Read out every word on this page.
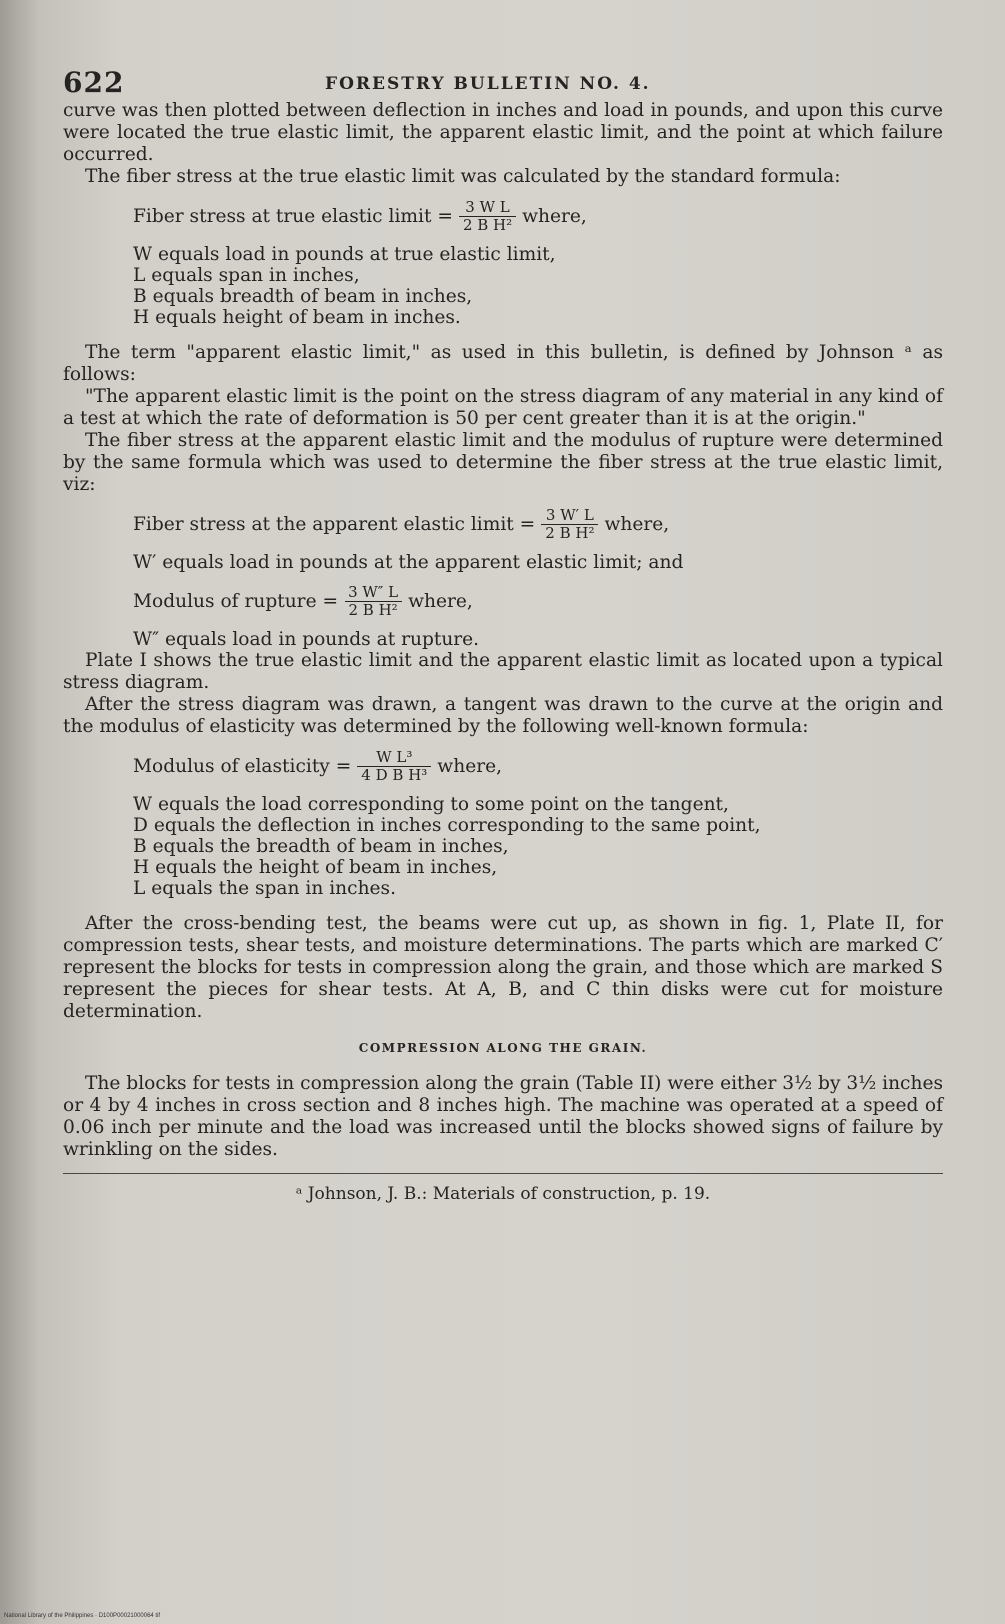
622	FORESTRY BULLETIN NO. 4.

curve was then plotted between deflection in inches and load in pounds, and upon this curve were located the true elastic limit, the apparent elastic limit, and the point at which failure occurred.

The fiber stress at the true elastic limit was calculated by the standard formula:

Fiber stress at true elastic limit = $\frac{\text{3 W L}}{\text{2 B H²}}$ where,

W equals load in pounds at true elastic limit,

L equals span in inches,

B equals breadth of beam in inches,

H equals height of beam in inches.

The term "apparent elastic limit," as used in this bulletin, is defined by Johnson ᵃ as follows:

"The apparent elastic limit is the point on the stress diagram of any material in any kind of a test at which the rate of deformation is 50 per cent greater than it is at the origin."

The fiber stress at the apparent elastic limit and the modulus of rupture were determined by the same formula which was used to determine the fiber stress at the true elastic limit, viz:

Fiber stress at the apparent elastic limit = $\frac{3 W' L}{\text{2 B H²}}$ where,

W′ equals load in pounds at the apparent elastic limit; and

Modulus of rupture = $\frac{3 W'' L}{\text{2 B H²}}$ where,

W″ equals load in pounds at rupture.

Plate I shows the true elastic limit and the apparent elastic limit as located upon a typical stress diagram.

After the stress diagram was drawn, a tangent was drawn to the curve at the origin and the modulus of elasticity was determined by the following well-known formula:

Modulus of elasticity = $\frac{\text{W L³}}{\text{4 D B H³}}$ where,

W equals the load corresponding to some point on the tangent,

D equals the deflection in inches corresponding to the same point,

B equals the breadth of beam in inches,

H equals the height of beam in inches,

L equals the span in inches.

After the cross-bending test, the beams were cut up, as shown in fig. 1, Plate II, for compression tests, shear tests, and moisture determinations. The parts which are marked C′ represent the blocks for tests in compression along the grain, and those which are marked S represent the pieces for shear tests. At A, B, and C thin disks were cut for moisture determination.

COMPRESSION ALONG THE GRAIN.

The blocks for tests in compression along the grain (Table II) were either 3½ by 3½ inches or 4 by 4 inches in cross section and 8 inches high. The machine was operated at a speed of 0.06 inch per minute and the load was increased until the blocks showed signs of failure by wrinkling on the sides.

ᵃ Johnson, J. B.: Materials of construction, p. 19.
National Library of the Philippines · D100P00021000064 tif
